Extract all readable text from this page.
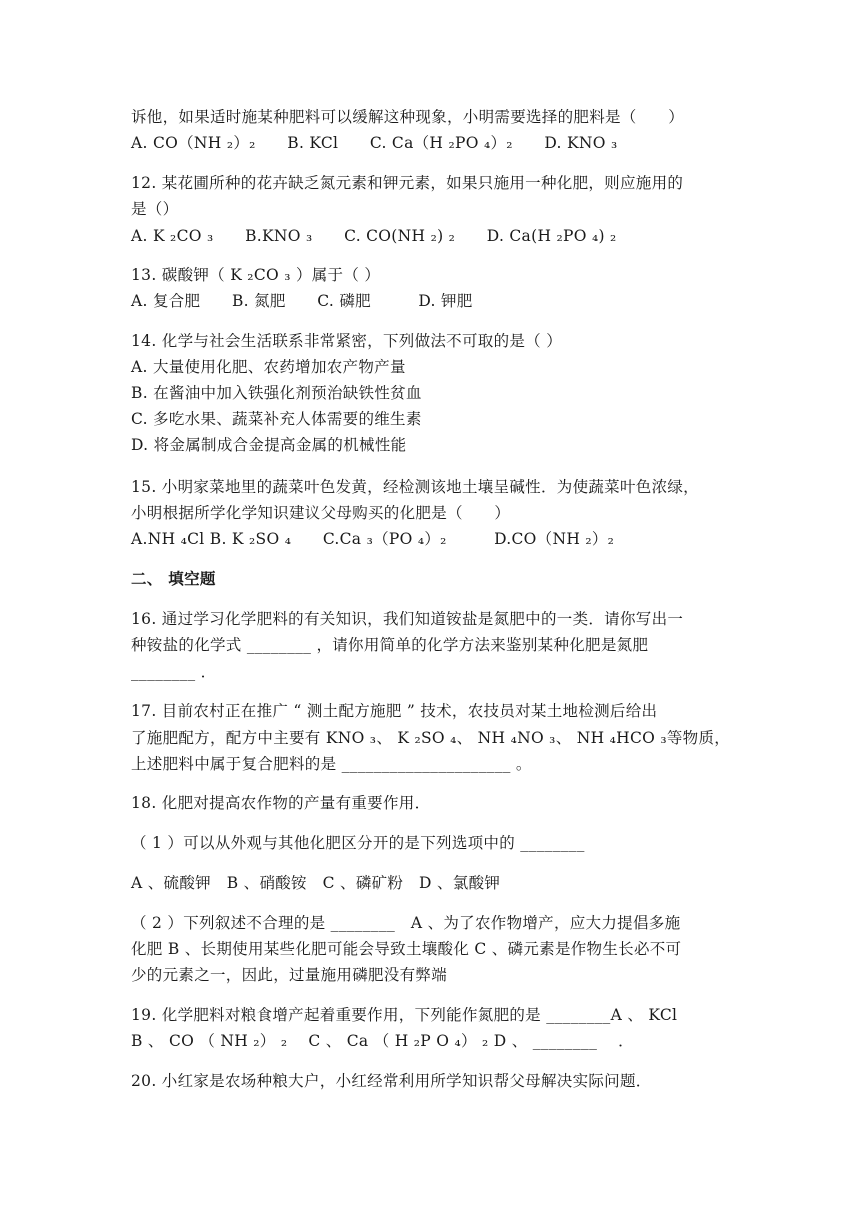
诉他，如果适时施某种肥料可以缓解这种现象，小明需要选择的肥料是（　　）
A. CO（NH ₂）₂　　B. KCl　　C. Ca（H ₂PO ₄）₂　　D. KNO ₃
12. 某花圃所种的花卉缺乏氮元素和钾元素，如果只施用一种化肥，则应施用的
是（）
A. K ₂CO ₃　　B.KNO ₃　　C. CO(NH ₂) ₂　　D. Ca(H ₂PO ₄) ₂
13. 碳酸钾（ K ₂CO ₃ ）属于（ ）
A. 复合肥　　B. 氮肥　　C. 磷肥　　　D. 钾肥
14. 化学与社会生活联系非常紧密，下列做法不可取的是（ ）
A. 大量使用化肥、农药增加农产物产量
B. 在酱油中加入铁强化剂预治缺铁性贫血
C. 多吃水果、蔬菜补充人体需要的维生素
D. 将金属制成合金提高金属的机械性能
15. 小明家菜地里的蔬菜叶色发黄，经检测该地土壤呈碱性．为使蔬菜叶色浓绿，
小明根据所学化学知识建议父母购买的化肥是（　　）
A.NH ₄Cl B. K ₂SO ₄　　C.Ca ₃（PO ₄）₂　　　D.CO（NH ₂）₂
二、 填空题
16. 通过学习化学肥料的有关知识，我们知道铵盐是氮肥中的一类．请你写出一
种铵盐的化学式 ________ ，请你用简单的化学方法来鉴别某种化肥是氮肥
________ ．
17. 目前农村正在推广 “ 测土配方施肥 ” 技术，农技员对某土地检测后给出
了施肥配方，配方中主要有 KNO ₃、 K ₂SO ₄、 NH ₄NO ₃、 NH ₄HCO ₃等物质，
上述肥料中属于复合肥料的是 _____________________ 。
18. 化肥对提高农作物的产量有重要作用．
（ 1 ）可以从外观与其他化肥区分开的是下列选项中的 ________
A 、硫酸钾　B 、硝酸铵　C 、磷矿粉　D 、氯酸钾
（ 2 ）下列叙述不合理的是 ________　A 、为了农作物增产，应大力提倡多施
化肥 B 、长期使用某些化肥可能会导致土壤酸化 C 、磷元素是作物生长必不可
少的元素之一，因此，过量施用磷肥没有弊端
19. 化学肥料对粮食增产起着重要作用，下列能作氮肥的是 ________A 、 KCl
B 、 CO （ NH ₂） ₂　 C 、 Ca （ H ₂P O ₄） ₂ D 、 ________　 ．
20. 小红家是农场种粮大户，小红经常利用所学知识帮父母解决实际问题．
